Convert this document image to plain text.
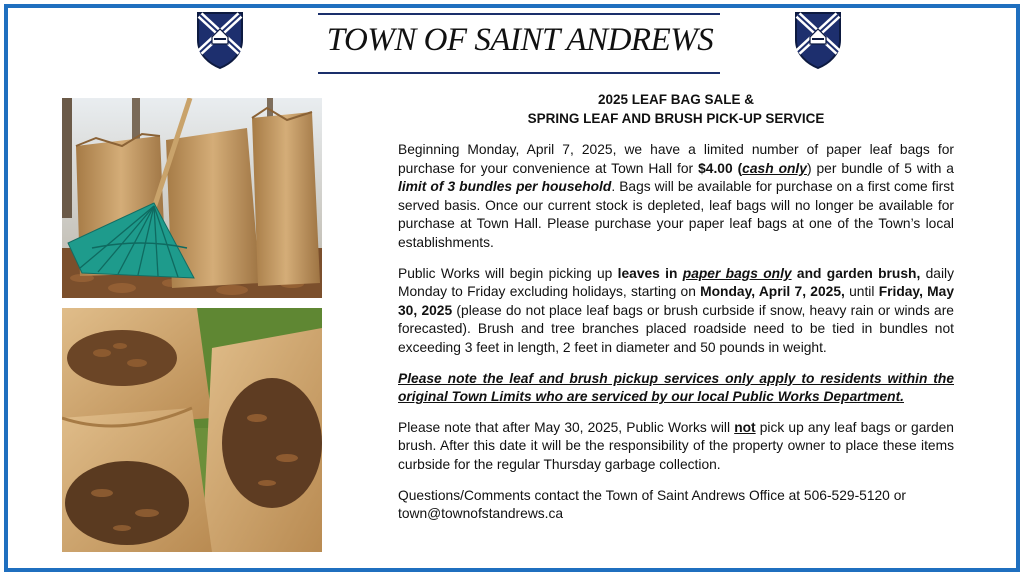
TOWN OF SAINT ANDREWS
2025 LEAF BAG SALE &
SPRING LEAF AND BRUSH PICK-UP SERVICE

Beginning Monday, April 7, 2025, we have a limited number of paper leaf bags for purchase for your convenience at Town Hall for $4.00 (cash only) per bundle of 5 with a limit of 3 bundles per household. Bags will be available for purchase on a first come first served basis. Once our current stock is depleted, leaf bags will no longer be available for purchase at Town Hall. Please purchase your paper leaf bags at one of the Town’s local establishments.

Public Works will begin picking up leaves in paper bags only and garden brush, daily Monday to Friday excluding holidays, starting on Monday, April 7, 2025, until Friday, May 30, 2025 (please do not place leaf bags or brush curbside if snow, heavy rain or winds are forecasted). Brush and tree branches placed roadside need to be tied in bundles not exceeding 3 feet in length, 2 feet in diameter and 50 pounds in weight.

Please note the leaf and brush pickup services only apply to residents within the original Town Limits who are serviced by our local Public Works Department.

Please note that after May 30, 2025, Public Works will not pick up any leaf bags or garden brush. After this date it will be the responsibility of the property owner to place these items curbside for the regular Thursday garbage collection.

Questions/Comments contact the Town of Saint Andrews Office at 506-529-5120 or town@townofstandrews.ca
